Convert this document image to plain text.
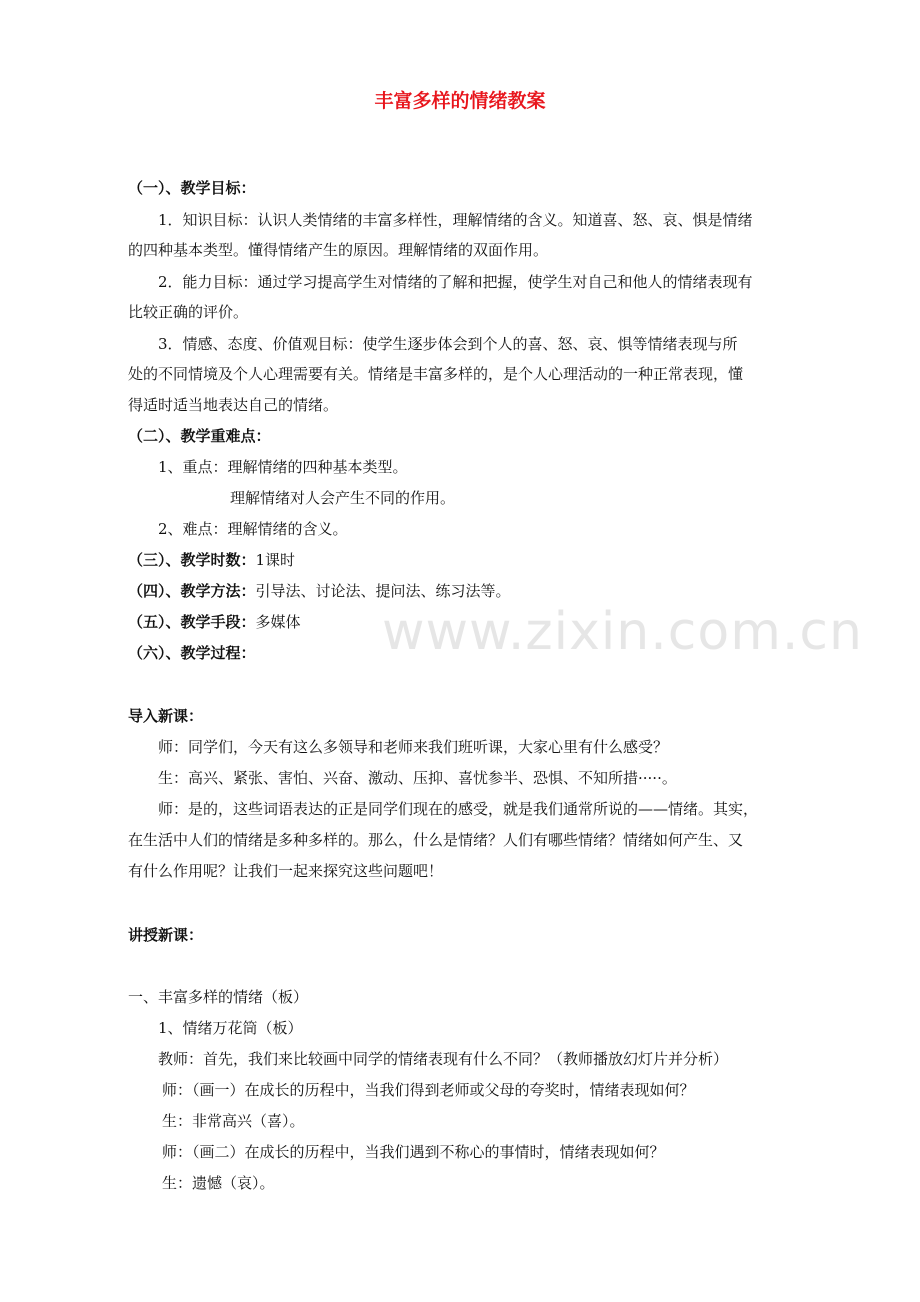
www.zixin.com.cn
丰富多样的情绪教案
（一）、教学目标：
1．知识目标：认识人类情绪的丰富多样性，理解情绪的含义。知道喜、怒、哀、惧是情绪
的四种基本类型。懂得情绪产生的原因。理解情绪的双面作用。
2．能力目标：通过学习提高学生对情绪的了解和把握，使学生对自己和他人的情绪表现有
比较正确的评价。
3．情感、态度、价值观目标：使学生逐步体会到个人的喜、怒、哀、惧等情绪表现与所
处的不同情境及个人心理需要有关。情绪是丰富多样的，是个人心理活动的一种正常表现，懂
得适时适当地表达自己的情绪。
（二）、教学重难点：
1、重点：理解情绪的四种基本类型。
理解情绪对人会产生不同的作用。
2、难点：理解情绪的含义。
（三）、教学时数：1课时
（四）、教学方法：引导法、讨论法、提问法、练习法等。
（五）、教学手段：多媒体
（六）、教学过程：
导入新课：
师：同学们，今天有这么多领导和老师来我们班听课，大家心里有什么感受？
生：高兴、紧张、害怕、兴奋、激动、压抑、喜忧参半、恐惧、不知所措·····。
师：是的，这些词语表达的正是同学们现在的感受，就是我们通常所说的——情绪。其实，
在生活中人们的情绪是多种多样的。那么，什么是情绪？人们有哪些情绪？情绪如何产生、又
有什么作用呢？让我们一起来探究这些问题吧！
讲授新课：
一、丰富多样的情绪（板）
1、情绪万花筒（板）
教师：首先，我们来比较画中同学的情绪表现有什么不同？（教师播放幻灯片并分析）
师：（画一）在成长的历程中，当我们得到老师或父母的夸奖时，情绪表现如何？
生：非常高兴（喜）。
师：（画二）在成长的历程中，当我们遇到不称心的事情时，情绪表现如何？
生：遗憾（哀）。
